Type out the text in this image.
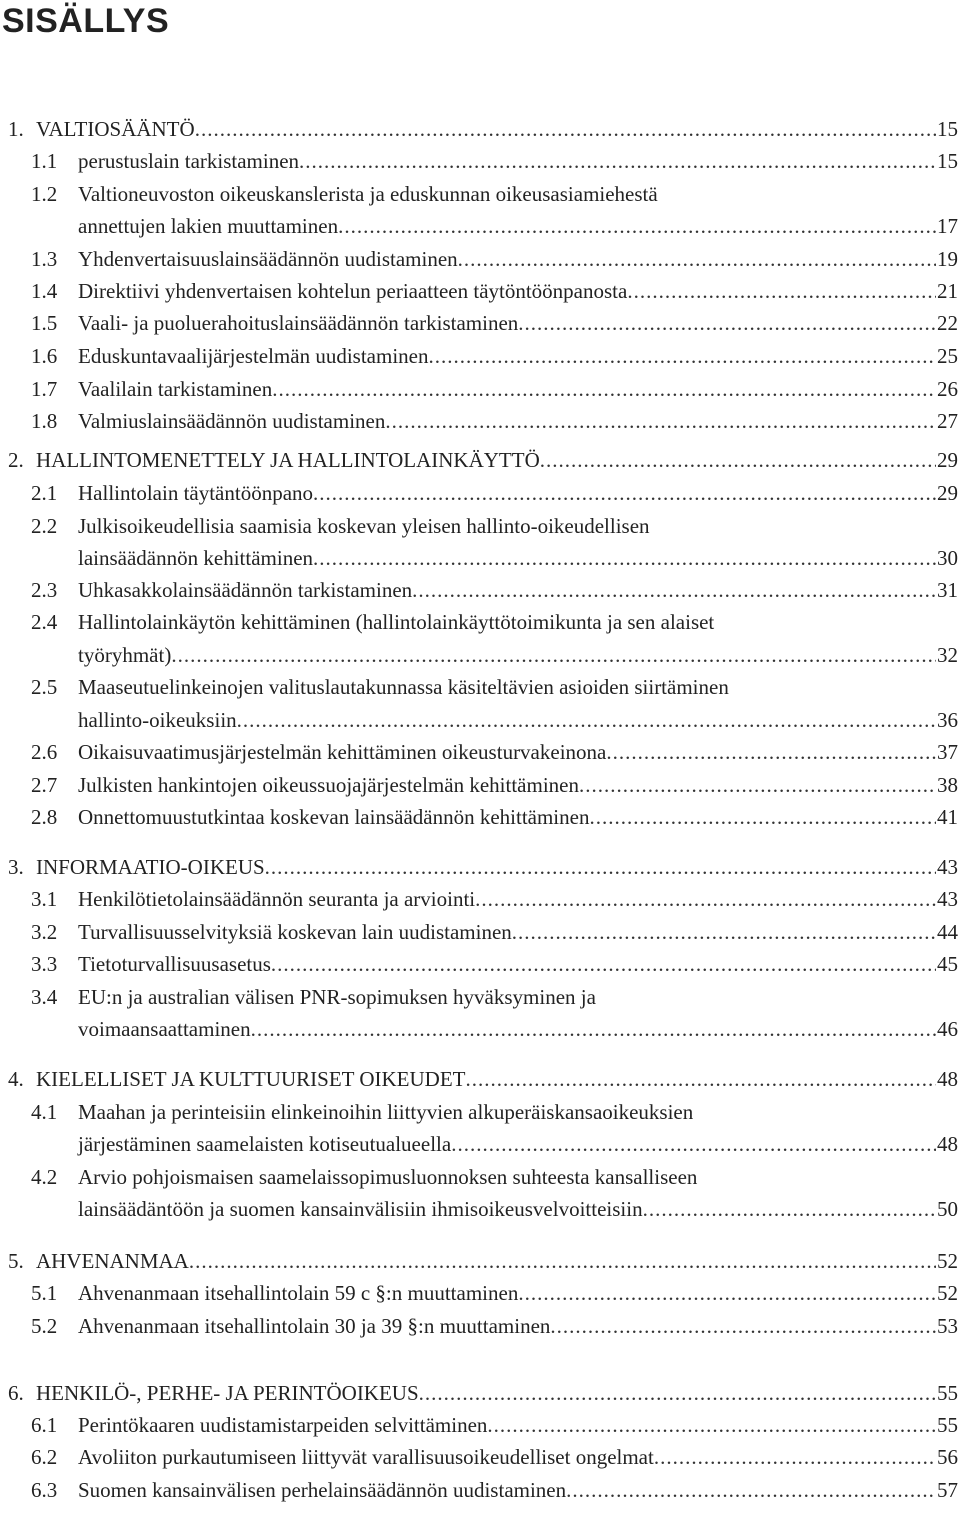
SISÄLLYS
1. VALTIOSÄÄNTÖ .....	15
1.1 perustuslain tarkistaminen .....	15
1.2 Valtioneuvoston oikeuskanslerista ja eduskunnan oikeusasiamiehestä
annettujen lakien muuttaminen .....	17
1.3 Yhdenvertaisuuslainsäädännön uudistaminen .....	19
1.4 Direktiivi yhdenvertaisen kohtelun periaatteen täytöntöönpanosta .....	21
1.5 Vaali- ja puoluerahoituslainsäädännön tarkistaminen .....	22
1.6 Eduskuntavaalijärjestelmän uudistaminen .....	25
1.7 Vaalilain tarkistaminen .....	26
1.8 Valmiuslainsäädännön uudistaminen .....	27
2. HALLINTOMENETTELY JA HALLINTOLAINKÄYTTÖ .....	29
2.1 Hallintolain täytäntöönpano .....	29
2.2 Julkisoikeudellisia saamisia koskevan yleisen hallinto-oikeudellisen
lainsäädännön kehittäminen .....	30
2.3 Uhkasakkolainsäädännön tarkistaminen .....	31
2.4 Hallintolainkäytön kehittäminen (hallintolainkäyttötoimikunta ja sen alaiset
työryhmät) .....	32
2.5 Maaseutuelinkeinojen valituslautakunnassa käsiteltävien asioiden siirtäminen
hallinto-oikeuksiin .....	36
2.6 Oikaisuvaatimusjärjestelmän kehittäminen oikeusturvakeinona .....	37
2.7 Julkisten hankintojen oikeussuojajärjestelmän kehittäminen .....	38
2.8 Onnettomuustutkintaa koskevan lainsäädännön kehittäminen .....	41
3. INFORMAATIO-OIKEUS .....	43
3.1 Henkilötietolainsäädännön seuranta ja arviointi .....	43
3.2 Turvallisuusselvityksiä koskevan lain uudistaminen .....	44
3.3 Tietoturvallisuusasetus .....	45
3.4 EU:n ja australian välisen PNR-sopimuksen hyväksyminen ja
voimaansaattaminen .....	46
4. KIELELLISET JA KULTTUURISET OIKEUDET .....	48
4.1 Maahan ja perinteisiin elinkeinoihin liittyvien alkuperäiskansaoikeuksien
järjestäminen saamelaisten kotiseutualueella .....	48
4.2 Arvio pohjoismaisen saamelaissopimusluonnoksen suhteesta kansalliseen
lainsäädäntöön ja suomen kansainvälisiin ihmisoikeusvelvoitteisiin .....	50
5. AHVENANMAA .....	52
5.1 Ahvenanmaan itsehallintolain 59 c §:n muuttaminen .....	52
5.2 Ahvenanmaan itsehallintolain 30 ja 39 §:n muuttaminen .....	53
6. HENKILÖ-, PERHE- JA PERINTÖOIKEUS .....	55
6.1 Perintökaaren uudistamistarpeiden selvittäminen .....	55
6.2 Avoliiton purkautumiseen liittyvät varallisuusoikeudelliset ongelmat .....	56
6.3 Suomen kansainvälisen perhelainsäädännön uudistaminen .....	57
